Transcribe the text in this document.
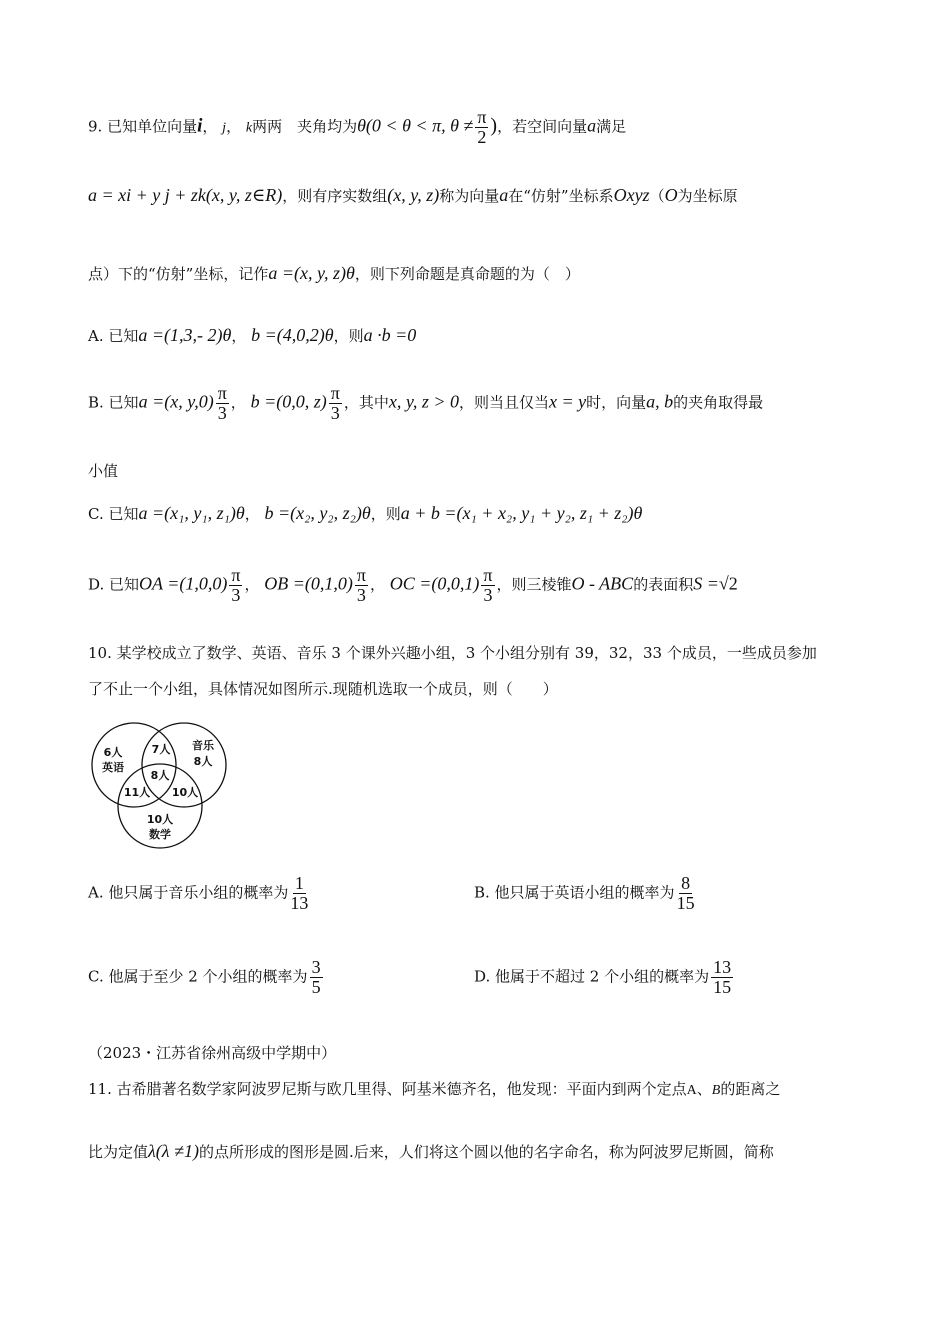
9. 已知单位向量i， j， k两两　夹角均为θ(0 < θ < π, $\theta \ne \frac{\pi}{2}$ )，若空间向量a满足
a = xi + y j + zk(x, y, z∈R)，则有序实数组(x, y, z)称为向量a在“仿射”坐标系Oxyz（O为坐标原
点）下的“仿射”坐标，记作a =(x, y, z)θ，则下列命题是真命题的为（　）
A. 已知a =(1,3,- 2)θ， b =(4,0,2)θ，则a ·b =0
B. 已知a =(x, $y,0) \frac{\pi}{3}$ ， b =(0,0, $z) \frac{\pi}{3}$ ，其中x, y, z > 0，则当且仅当x = y时，向量a, b的夹角取得最
小值
C. 已知a =(x₁, y₁, z₁)θ， b =(x₂, y₂, z₂)θ，则a + b =(x₁ + x₂, y₁ + y₂, z₁ + z₂)θ
D. 已知OA $=(1,0,0) \frac{\pi}{3}$ ， OB $=(0,1,0) \frac{\pi}{3}$ ， OC $=(0,0,1) \frac{\pi}{3}$ ，则三棱锥O - ABC的表面积S =√2
10. 某学校成立了数学、英语、音乐 3 个课外兴趣小组，3 个小组分别有 39，32，33 个成员，一些成员参加
了不止一个小组，具体情况如图所示.现随机选取一个成员，则（　　）
6人
英语
7人 音乐
8人
8人
11人 10人
10人
数学
A. 他只属于音乐小组的概率为 $\frac{1}{13}$	B. 他只属于英语小组的概率为 $\frac{8}{15}$
C. 他属于至少 2 个小组的概率为 $\frac{3}{5}$	D. 他属于不超过 2 个小组的概率为 $\frac{13}{15}$
（2023・江苏省徐州高级中学期中）
11. 古希腊著名数学家阿波罗尼斯与欧几里得、阿基米德齐名，他发现：平面内到两个定点A、B的距离之
比为定值λ(λ ≠1)的点所形成的图形是圆.后来，人们将这个圆以他的名字命名，称为阿波罗尼斯圆，简称
